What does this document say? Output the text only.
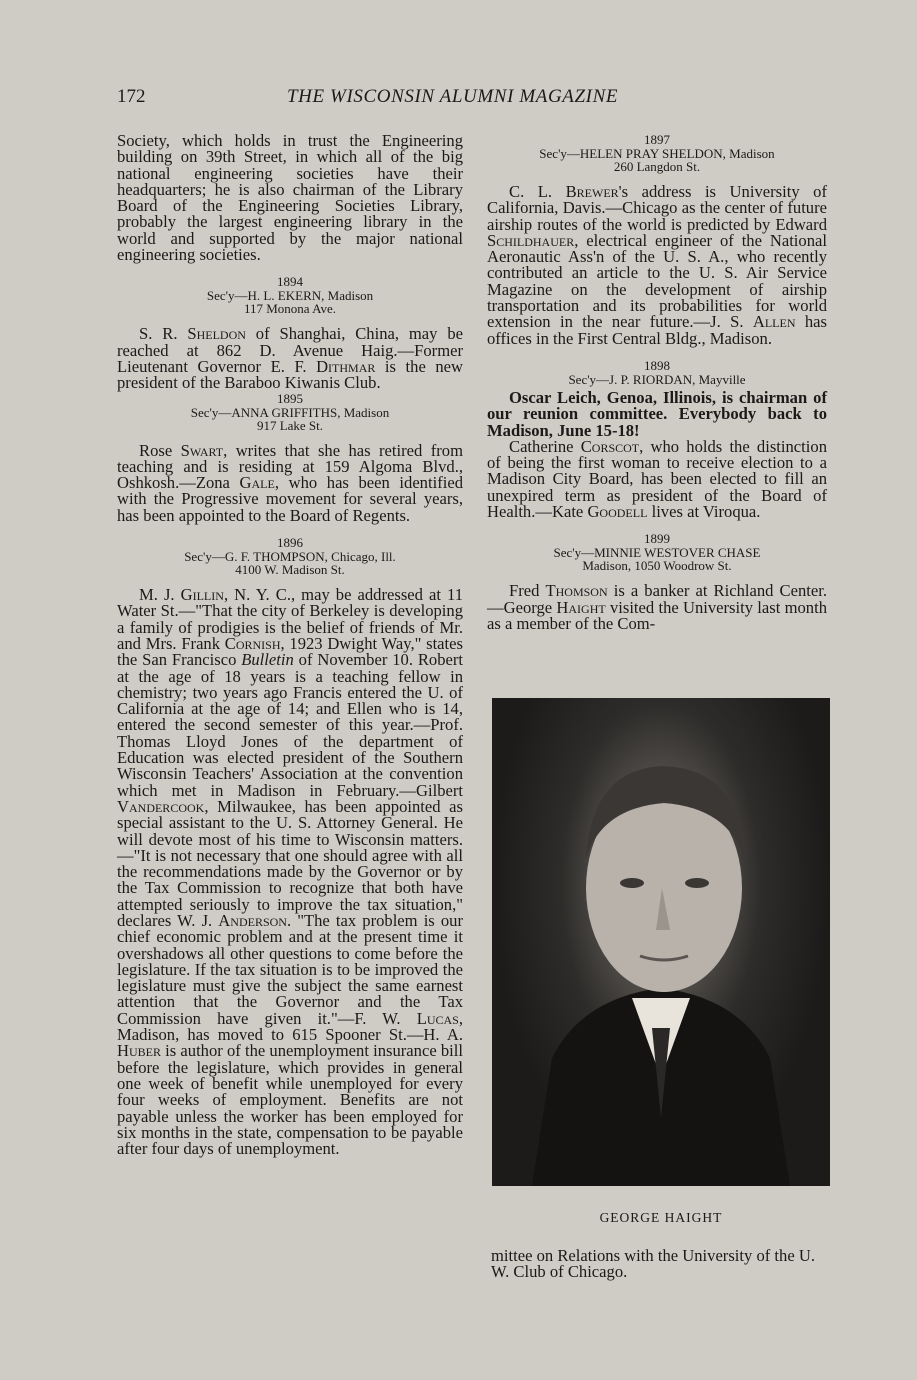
172	THE WISCONSIN ALUMNI MAGAZINE

Society, which holds in trust the Engineering building on 39th Street, in which all of the big national engineering societies have their headquarters; he is also chairman of the Library Board of the Engineering Societies Library, probably the largest engineering library in the world and supported by the major national engineering societies.

1894
Sec'y—H. L. EKERN, Madison
117 Monona Ave.

S. R. Sheldon of Shanghai, China, may be reached at 862 D. Avenue Haig.—Former Lieutenant Governor E. F. Dithmar is the new president of the Baraboo Kiwanis Club.

1895
Sec'y—ANNA GRIFFITHS, Madison
917 Lake St.

Rose Swart, writes that she has retired from teaching and is residing at 159 Algoma Blvd., Oshkosh.—Zona Gale, who has been identified with the Progressive movement for several years, has been appointed to the Board of Regents.

1896
Sec'y—G. F. THOMPSON, Chicago, Ill.
4100 W. Madison St.

M. J. Gillin, N. Y. C., may be addressed at 11 Water St.—"That the city of Berkeley is developing a family of prodigies is the belief of friends of Mr. and Mrs. Frank Cornish, 1923 Dwight Way," states the San Francisco Bulletin of November 10. Robert at the age of 18 years is a teaching fellow in chemistry; two years ago Francis entered the U. of California at the age of 14; and Ellen who is 14, entered the second semester of this year.—Prof. Thomas Lloyd Jones of the department of Education was elected president of the Southern Wisconsin Teachers' Association at the convention which met in Madison in February.—Gilbert Vandercook, Milwaukee, has been appointed as special assistant to the U. S. Attorney General. He will devote most of his time to Wisconsin matters.—"It is not necessary that one should agree with all the recommendations made by the Governor or by the Tax Commission to recognize that both have attempted seriously to improve the tax situation," declares W. J. Anderson. "The tax problem is our chief economic problem and at the present time it overshadows all other questions to come before the legislature. If the tax situation is to be improved the legislature must give the subject the same earnest attention that the Governor and the Tax Commission have given it."—F. W. Lucas, Madison, has moved to 615 Spooner St.—H. A. Huber is author of the unemployment insurance bill before the legislature, which provides in general one week of benefit while unemployed for every four weeks of employment. Benefits are not payable unless the worker has been employed for six months in the state, compensation to be payable after four days of unemployment.

1897
Sec'y—HELEN PRAY SHELDON, Madison
260 Langdon St.

C. L. Brewer's address is University of California, Davis.—Chicago as the center of future airship routes of the world is predicted by Edward Schildhauer, electrical engineer of the National Aeronautic Ass'n of the U. S. A., who recently contributed an article to the U. S. Air Service Magazine on the development of airship transportation and its probabilities for world extension in the near future.—J. S. Allen has offices in the First Central Bldg., Madison.

1898
Sec'y—J. P. RIORDAN, Mayville

Oscar Leich, Genoa, Illinois, is chairman of our reunion committee. Everybody back to Madison, June 15-18!

Catherine Corscot, who holds the distinction of being the first woman to receive election to a Madison City Board, has been elected to fill an unexpired term as president of the Board of Health.—Kate Goodell lives at Viroqua.

1899
Sec'y—MINNIE WESTOVER CHASE
Madison, 1050 Woodrow St.

Fred Thomson is a banker at Richland Center.—George Haight visited the University last month as a member of the Com-

GEORGE HAIGHT

mittee on Relations with the University of the U. W. Club of Chicago.
